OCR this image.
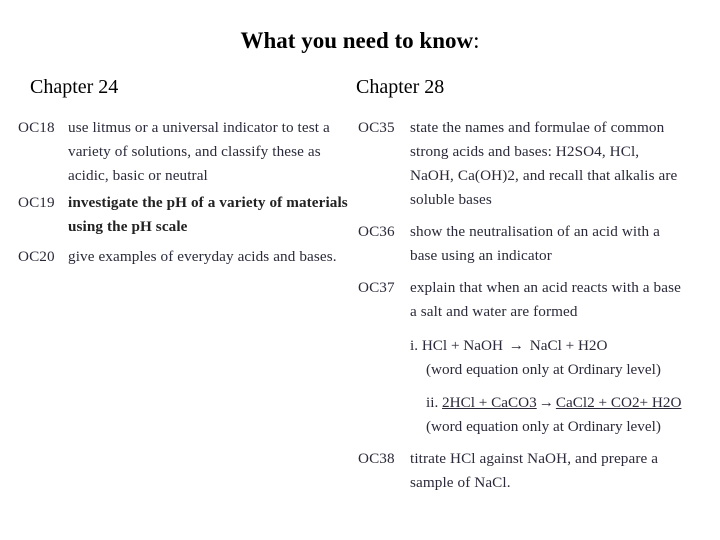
What you need to know:
Chapter 24	Chapter 28
OC18 use litmus or a universal indicator to test a
variety of solutions, and classify these as
acidic, basic or neutral
OC19 investigate the pH of a variety of materials
using the pH scale
OC20 give examples of everyday acids and bases.
OC35 state the names and formulae of common
strong acids and bases: H2SO4, HCl,
NaOH, Ca(OH)2, and recall that alkalis are
soluble bases
OC36 show the neutralisation of an acid with a
base using an indicator
OC37 explain that when an acid reacts with a base
a salt and water are formed
i. HCl + NaOH → NaCl + H2O
(word equation only at Ordinary level)
ii. 2HCl + CaCO3 → CaCl2 + CO2+ H2O
(word equation only at Ordinary level)
OC38 titrate HCl against NaOH, and prepare a
sample of NaCl.
